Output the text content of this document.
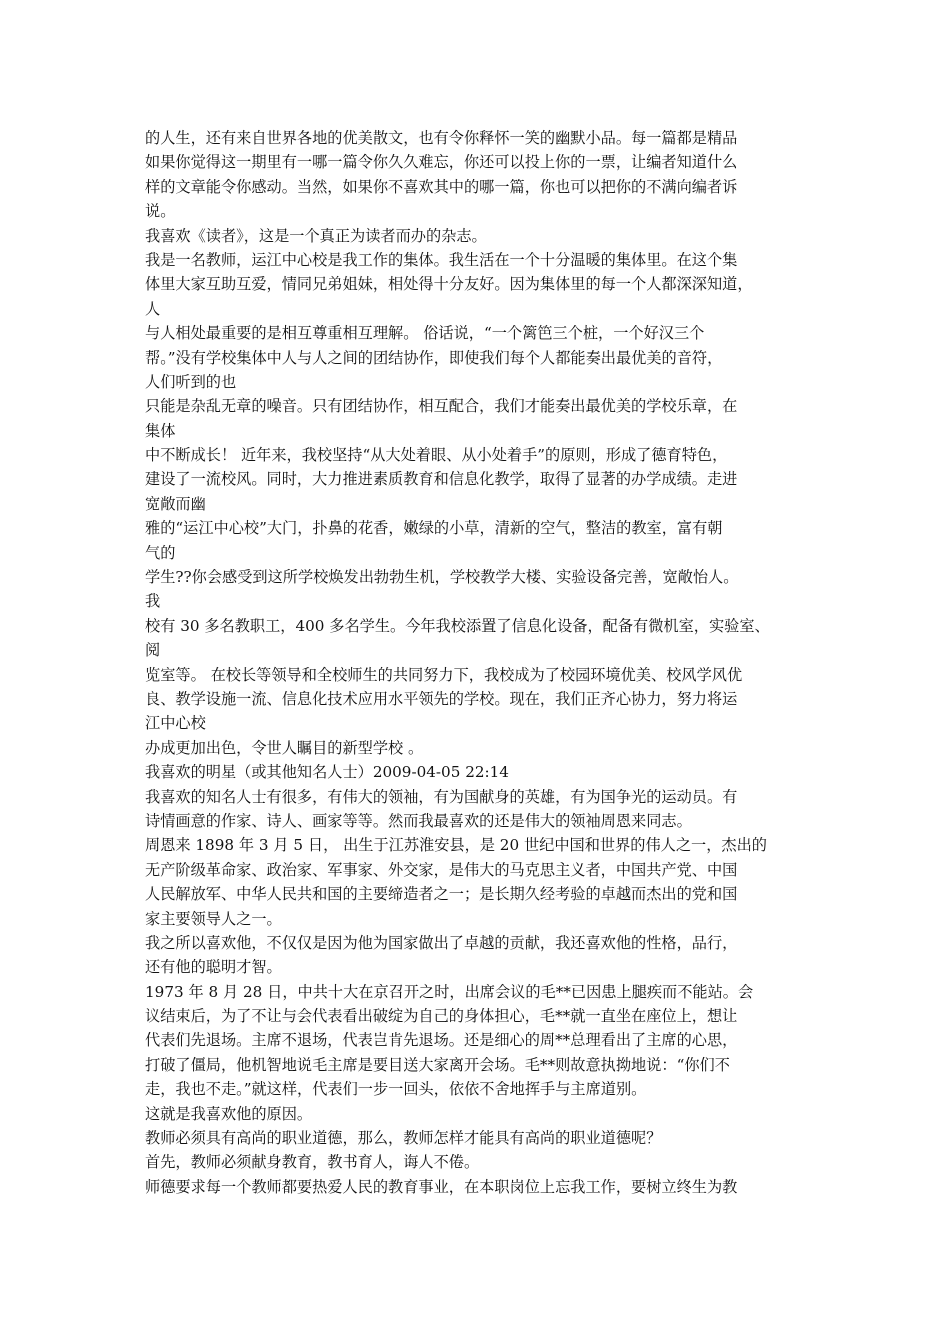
的人生，还有来自世界各地的优美散文，也有令你释怀一笑的幽默小品。每一篇都是精品
如果你觉得这一期里有一哪一篇令你久久难忘，你还可以投上你的一票，让编者知道什么
样的文章能令你感动。当然，如果你不喜欢其中的哪一篇，你也可以把你的不满向编者诉
说。
我喜欢《读者》，这是一个真正为读者而办的杂志。
我是一名教师，运江中心校是我工作的集体。我生活在一个十分温暖的集体里。在这个集
体里大家互助互爱，情同兄弟姐妹，相处得十分友好。因为集体里的每一个人都深深知道，
人
与人相处最重要的是相互尊重相互理解。 俗话说，“一个篱笆三个桩，一个好汉三个
帮。”没有学校集体中人与人之间的团结协作，即使我们每个人都能奏出最优美的音符，
人们听到的也
只能是杂乱无章的噪音。只有团结协作，相互配合，我们才能奏出最优美的学校乐章，在
集体
中不断成长！ 近年来，我校坚持“从大处着眼、从小处着手”的原则，形成了德育特色，
建设了一流校风。同时，大力推进素质教育和信息化教学，取得了显著的办学成绩。走进
宽敞而幽
雅的“运江中心校”大门，扑鼻的花香，嫩绿的小草，清新的空气，整洁的教室，富有朝
气的
学生??你会感受到这所学校焕发出勃勃生机，学校教学大楼、实验设备完善，宽敞怡人。
我
校有 30 多名教职工，400 多名学生。今年我校添置了信息化设备，配备有微机室，实验室、
阅
览室等。 在校长等领导和全校师生的共同努力下，我校成为了校园环境优美、校风学风优
良、教学设施一流、信息化技术应用水平领先的学校。现在，我们正齐心协力，努力将运
江中心校
办成更加出色，令世人瞩目的新型学校 。
我喜欢的明星（或其他知名人士）2009-04-05 22:14
我喜欢的知名人士有很多，有伟大的领袖，有为国献身的英雄，有为国争光的运动员。有
诗情画意的作家、诗人、画家等等。然而我最喜欢的还是伟大的领袖周恩来同志。
周恩来 1898 年 3 月 5 日， 出生于江苏淮安县，是 20 世纪中国和世界的伟人之一，杰出的
无产阶级革命家、政治家、军事家、外交家，是伟大的马克思主义者，中国共产党、中国
人民解放军、中华人民共和国的主要缔造者之一；是长期久经考验的卓越而杰出的党和国
家主要领导人之一。
我之所以喜欢他，不仅仅是因为他为国家做出了卓越的贡献，我还喜欢他的性格，品行，
还有他的聪明才智。
1973 年 8 月 28 日，中共十大在京召开之时，出席会议的毛**已因患上腿疾而不能站。会
议结束后，为了不让与会代表看出破绽为自己的身体担心，毛**就一直坐在座位上，想让
代表们先退场。主席不退场，代表岂肯先退场。还是细心的周**总理看出了主席的心思，
打破了僵局，他机智地说毛主席是要目送大家离开会场。毛**则故意执拗地说：“你们不
走，我也不走。”就这样，代表们一步一回头，依依不舍地挥手与主席道别。
这就是我喜欢他的原因。
教师必须具有高尚的职业道德，那么，教师怎样才能具有高尚的职业道德呢？
首先，教师必须献身教育，教书育人，诲人不倦。
师德要求每一个教师都要热爱人民的教育事业，在本职岗位上忘我工作，要树立终生为教
